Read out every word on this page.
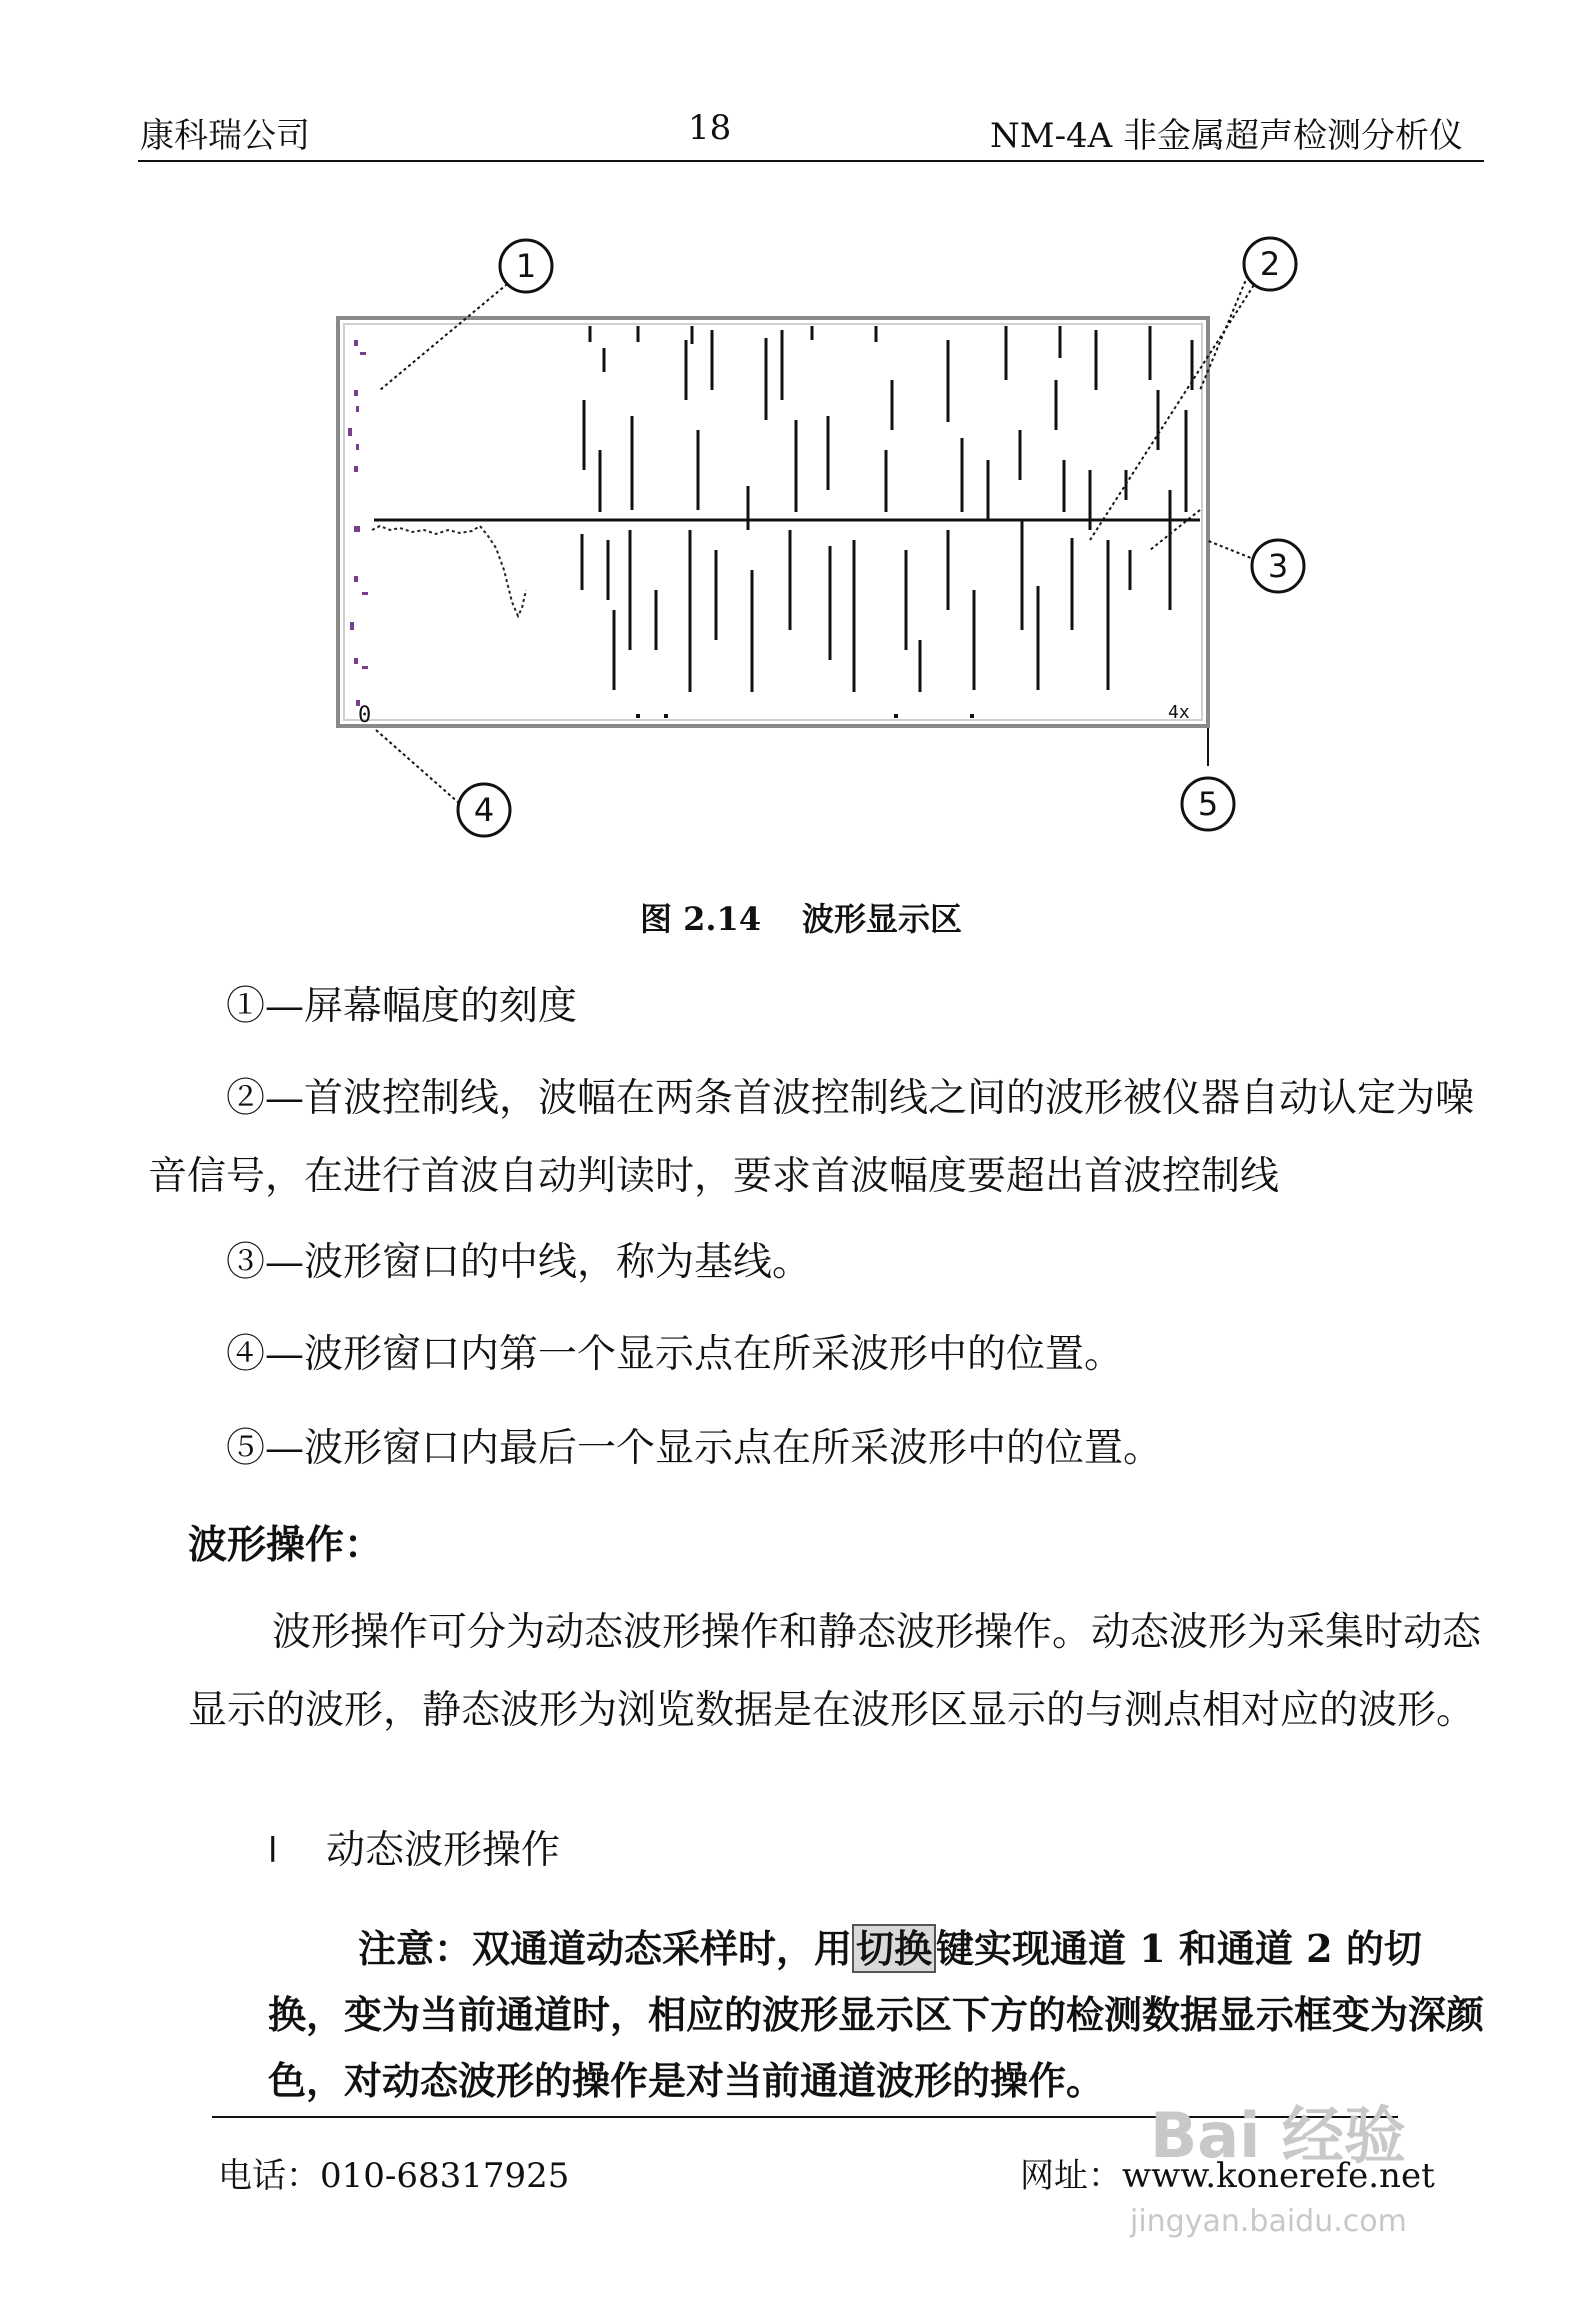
康科瑞公司	18	NM-4A 非金属超声检测分析仪
0	4x
1	2
3
4	5
图 2.14 波形显示区
①—屏幕幅度的刻度
②—首波控制线，波幅在两条首波控制线之间的波形被仪器自动认定为噪音信号，在进行首波自动判读时，要求首波幅度要超出首波控制线
③—波形窗口的中线，称为基线。
④—波形窗口内第一个显示点在所采波形中的位置。
⑤—波形窗口内最后一个显示点在所采波形中的位置。
波形操作：
波形操作可分为动态波形操作和静态波形操作。动态波形为采集时动态显示的波形，静态波形为浏览数据是在波形区显示的与测点相对应的波形。
l 动态波形操作
注意：双通道动态采样时，用 切换 键实现通道 1 和通道 2 的切换，变为当前通道时，相应的波形显示区下方的检测数据显示框变为深颜色，对动态波形的操作是对当前通道波形的操作。
电话：010-68317925	网址：www.konerefe.net
Bai 经验
jingyan.baidu.com
